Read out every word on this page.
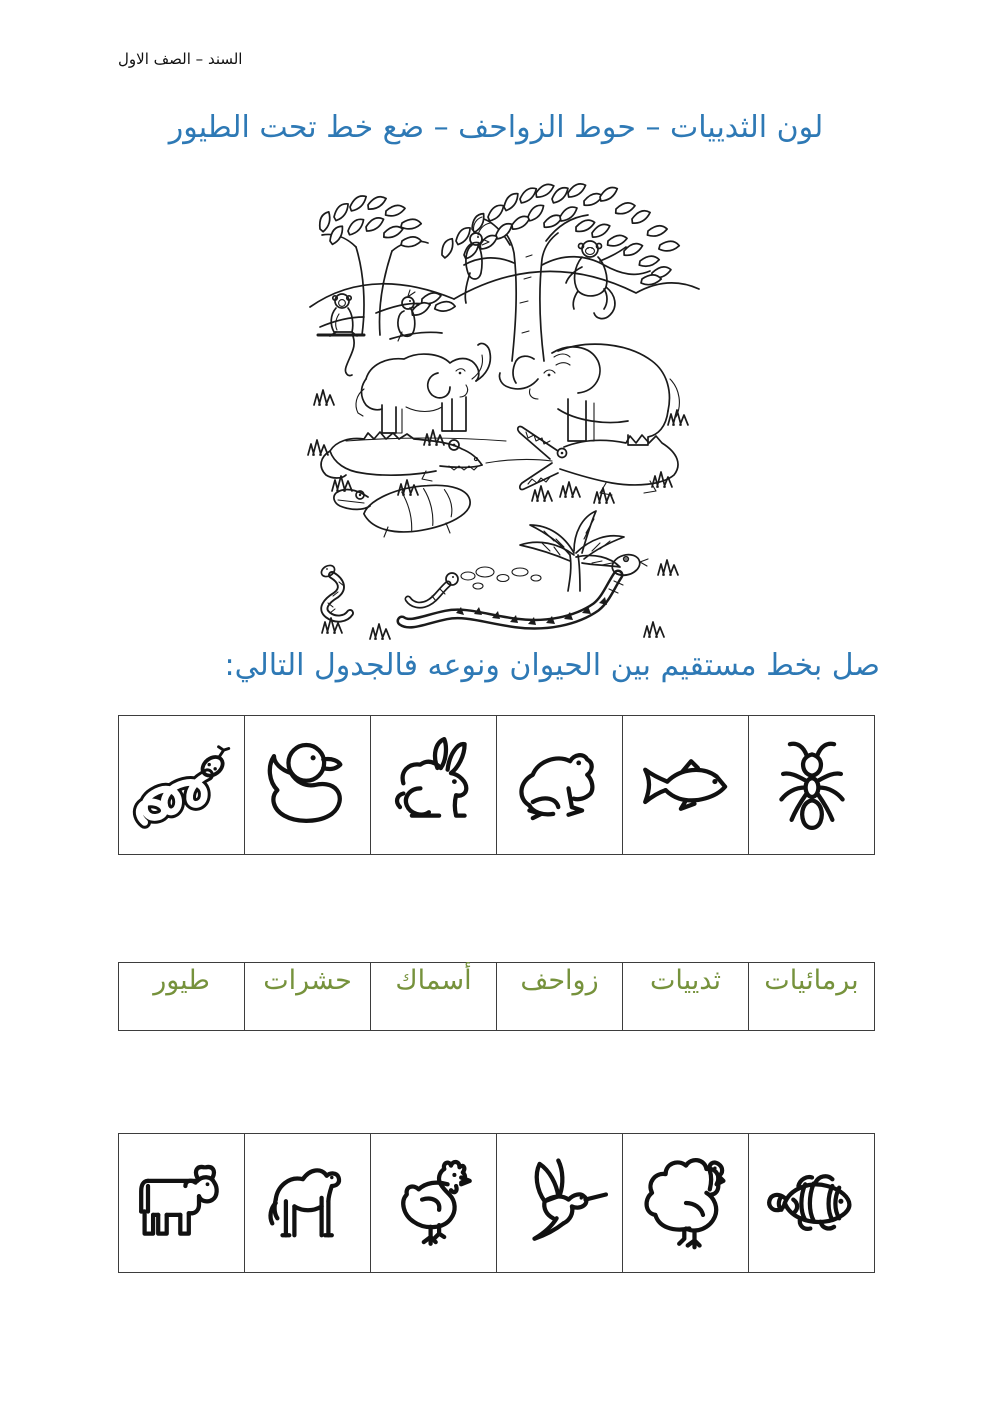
السند – الصف الاول
لون الثدييات – حوط الزواحف – ضع خط تحت الطيور
صل بخط مستقيم بين الحيوان ونوعه فالجدول التالي:
طيور حشرات أسماك زواحف ثدييات برمائيات
